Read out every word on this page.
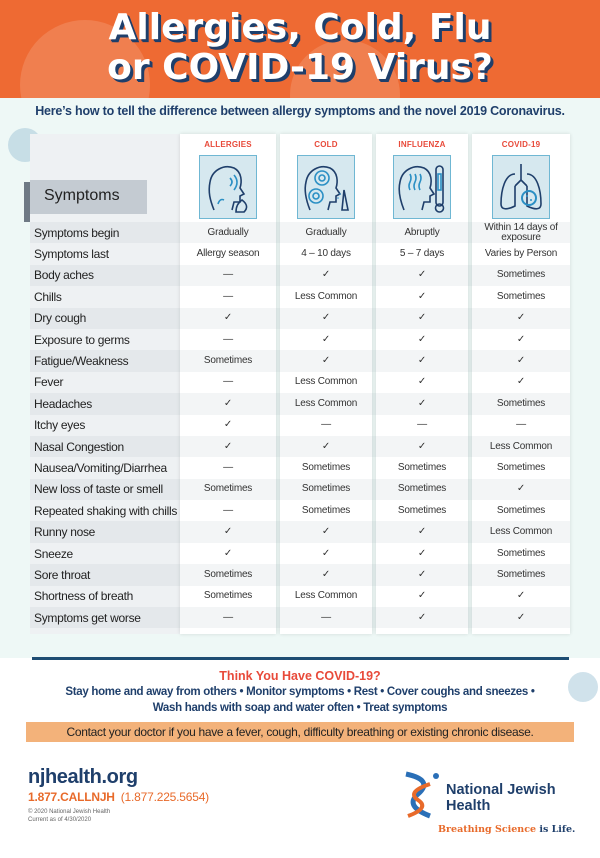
Allergies, Cold, Flu
or COVID-19 Virus?
Here’s how to tell the difference between allergy symptoms and the novel 2019 Coronavirus.
Symptoms
ALLERGIES	COLD	INFLUENZA	COVID-19
Symptoms begin	Gradually	Gradually	Abruptly	Within 14 days of exposure
Symptoms last	Allergy season	4 – 10 days	5 – 7 days	Varies by Person
Body aches	—	✓	✓	Sometimes
Chills	—	Less Common	✓	Sometimes
Dry cough	✓	✓	✓	✓
Exposure to germs	—	✓	✓	✓
Fatigue/Weakness	Sometimes	✓	✓	✓
Fever	—	Less Common	✓	✓
Headaches	✓	Less Common	✓	Sometimes
Itchy eyes	✓	—	—	—
Nasal Congestion	✓	✓	✓	Less Common
Nausea/Vomiting/Diarrhea	—	Sometimes	Sometimes	Sometimes
New loss of taste or smell	Sometimes	Sometimes	Sometimes	✓
Repeated shaking with chills	—	Sometimes	Sometimes	Sometimes
Runny nose	✓	✓	✓	Less Common
Sneeze	✓	✓	✓	Sometimes
Sore throat	Sometimes	✓	✓	Sometimes
Shortness of breath	Sometimes	Less Common	✓	✓
Symptoms get worse	—	—	✓	✓
Think You Have COVID-19?
Stay home and away from others • Monitor symptoms • Rest • Cover coughs and sneezes •
Wash hands with soap and water often • Treat symptoms
Contact your doctor if you have a fever, cough, difficulty breathing or existing chronic disease.
njhealth.org
1.877.CALLNJH (1.877.225.5654)
© 2020 National Jewish Health
Current as of 4/30/2020
National Jewish
Health
Breathing Science is Life.
